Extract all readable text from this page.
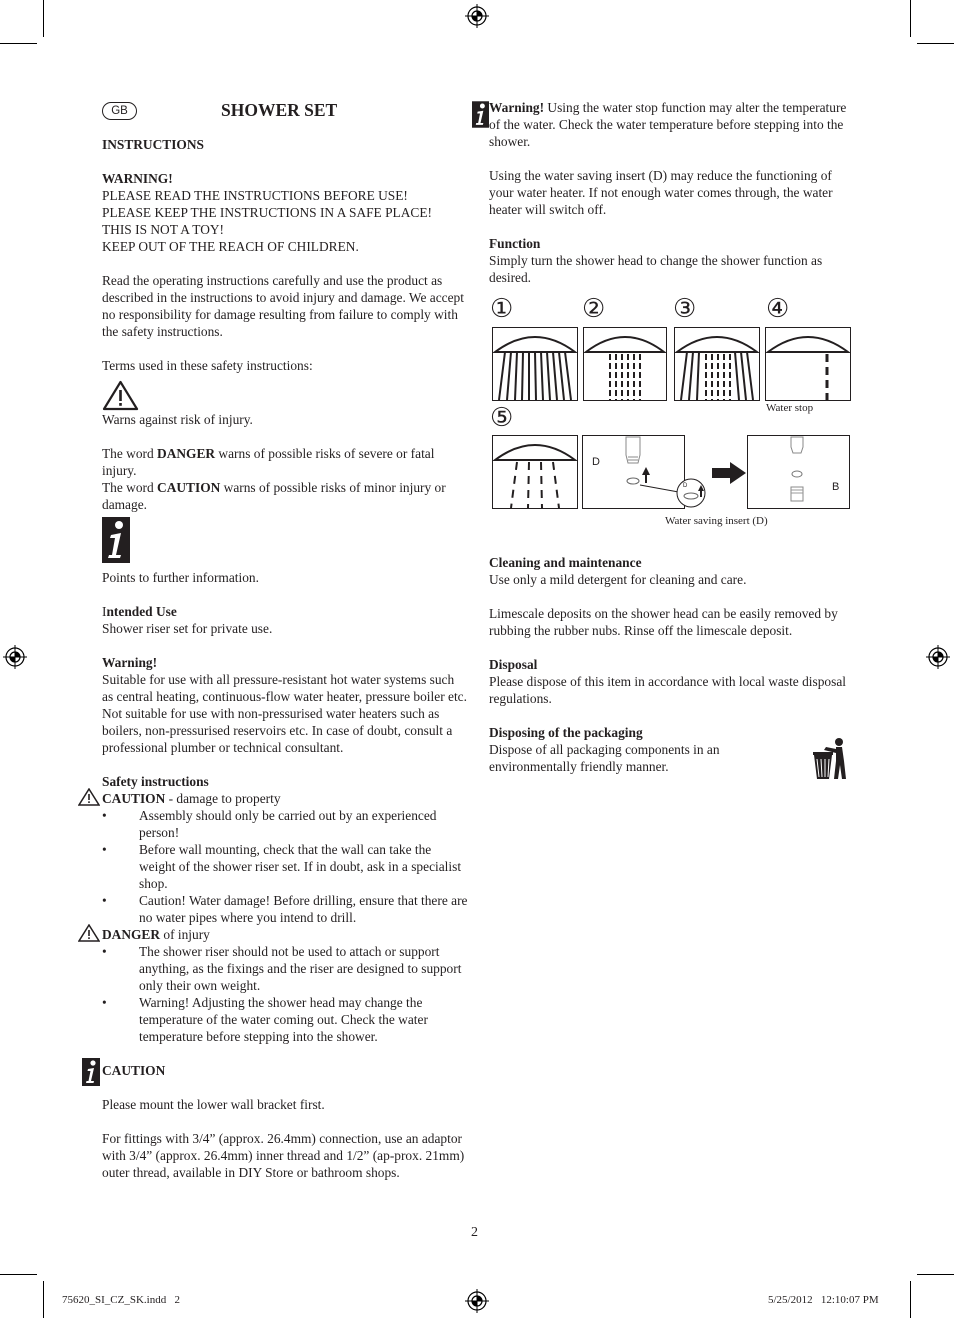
GB	SHOWER SET

INSTRUCTIONS

WARNING!

PLEASE READ THE INSTRUCTIONS BEFORE USE!

PLEASE KEEP THE INSTRUCTIONS IN A SAFE PLACE!

THIS IS NOT A TOY!

KEEP OUT OF THE REACH OF CHILDREN.

Read the operating instructions carefully and use the product as described in the instructions to avoid injury and damage. We accept no responsibility for damage resulting from failure to comply with the safety instructions.

Terms used in these safety instructions:

Warns against risk of injury.

The word DANGER warns of possible risks of severe or fatal injury.

The word CAUTION warns of possible risks of minor injury or damage.

Points to further information.

Intended Use

Shower riser set for private use.

Warning!

Suitable for use with all pressure-resistant hot water systems such as central heating, continuous-flow water heater, pressure boiler etc.

Not suitable for use with non-pressurised water heaters such as boilers, non-pressurised reservoirs etc. In case of doubt, consult a professional plumber or technical consultant.

Safety instructions

CAUTION - damage to property

• Assembly should only be carried out by an experienced person!
• Before wall mounting, check that the wall can take the weight of the shower riser set. If in doubt, ask in a specialist shop.
• Caution! Water damage! Before drilling, ensure that there are no water pipes where you intend to drill.

DANGER of injury

• The shower riser should not be used to attach or support anything, as the fixings and the riser are designed to support only their own weight.
• Warning! Adjusting the shower head may change the temperature of the water coming out. Check the water temperature before stepping into the shower.

CAUTION

Please mount the lower wall bracket first.

For fittings with 3/4” (approx. 26.4mm) connection, use an adaptor with 3/4” (approx. 26.4mm) inner thread and 1/2” (ap-prox. 21mm) outer thread, available in DIY Store or bathroom shops.

Warning! Using the water stop function may alter the temperature of the water. Check the water temperature before stepping into the shower.

Using the water saving insert (D) may reduce the functioning of your water heater. If not enough water comes through, the water heater will switch off.

Function

Simply turn the shower head to change the shower function as desired.

①	②	③	④
⑤	Water stop
D
D	B
Water saving insert (D)

Cleaning and maintenance

Use only a mild detergent for cleaning and care.

Limescale deposits on the shower head can be easily removed by rubbing the rubber nubs. Rinse off the limescale deposit.

Disposal

Please dispose of this item in accordance with local waste disposal regulations.

Disposing of the packaging

Dispose of all packaging components in an environmentally friendly manner.

2
75620_SI_CZ_SK.indd   2	5/25/2012   12:10:07 PM
